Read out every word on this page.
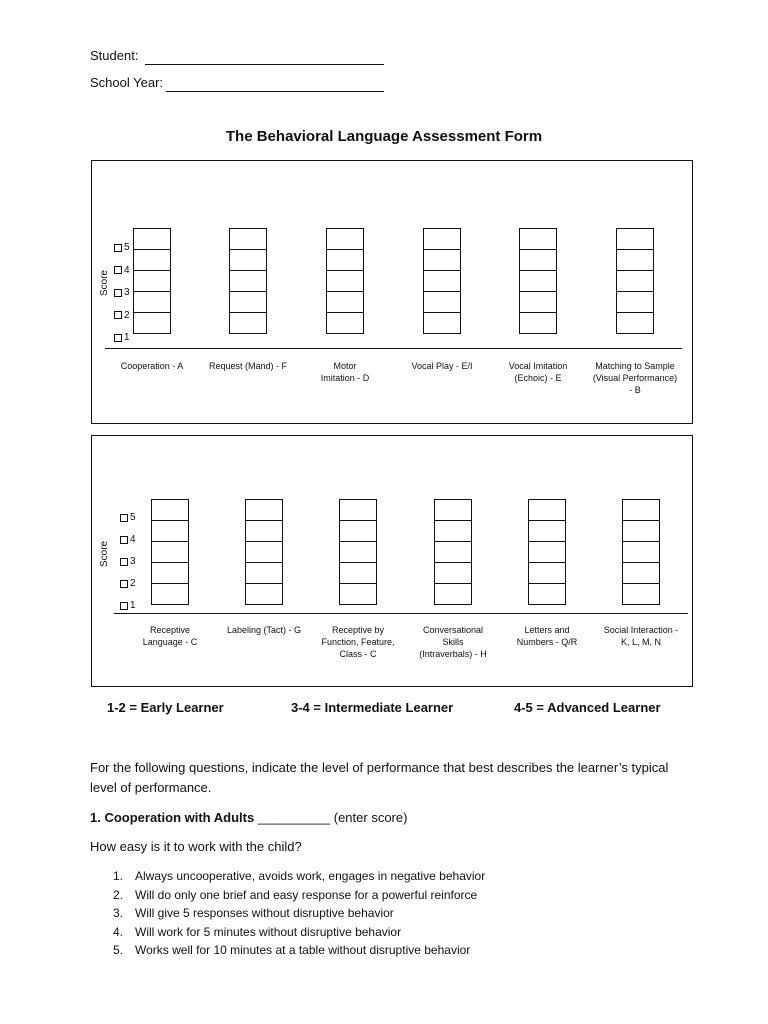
Student:
School Year:
The Behavioral Language Assessment Form
1-2 = Early Learner	3-4 = Intermediate Learner	4-5 = Advanced Learner
For the following questions, indicate the level of performance that best describes the learner’s typical level of performance.
1. Cooperation with Adults __________ (enter score)
How easy is it to work with the child?
1. Always uncooperative, avoids work, engages in negative behavior
2. Will do only one brief and easy response for a powerful reinforce
3. Will give 5 responses without disruptive behavior
4. Will work for 5 minutes without disruptive behavior
5. Works well for 10 minutes at a table without disruptive behavior
Score
5
4
3
2
1
Cooperation - A	Request (Mand) - F	Motor
Imitation - D
Vocal Play - E/I	Vocal Imitation
(Echoic) - E
Matching to Sample
(Visual Performance)
- B
Score
5
4
3
2
1
Receptive
Language - C
Labeling (Tact) - G	Receptive by
Function, Feature,
Class - C
Conversational
Skills
(Intraverbals) - H
Letters and
Numbers - Q/R
Social Interaction -
K, L, M, N
